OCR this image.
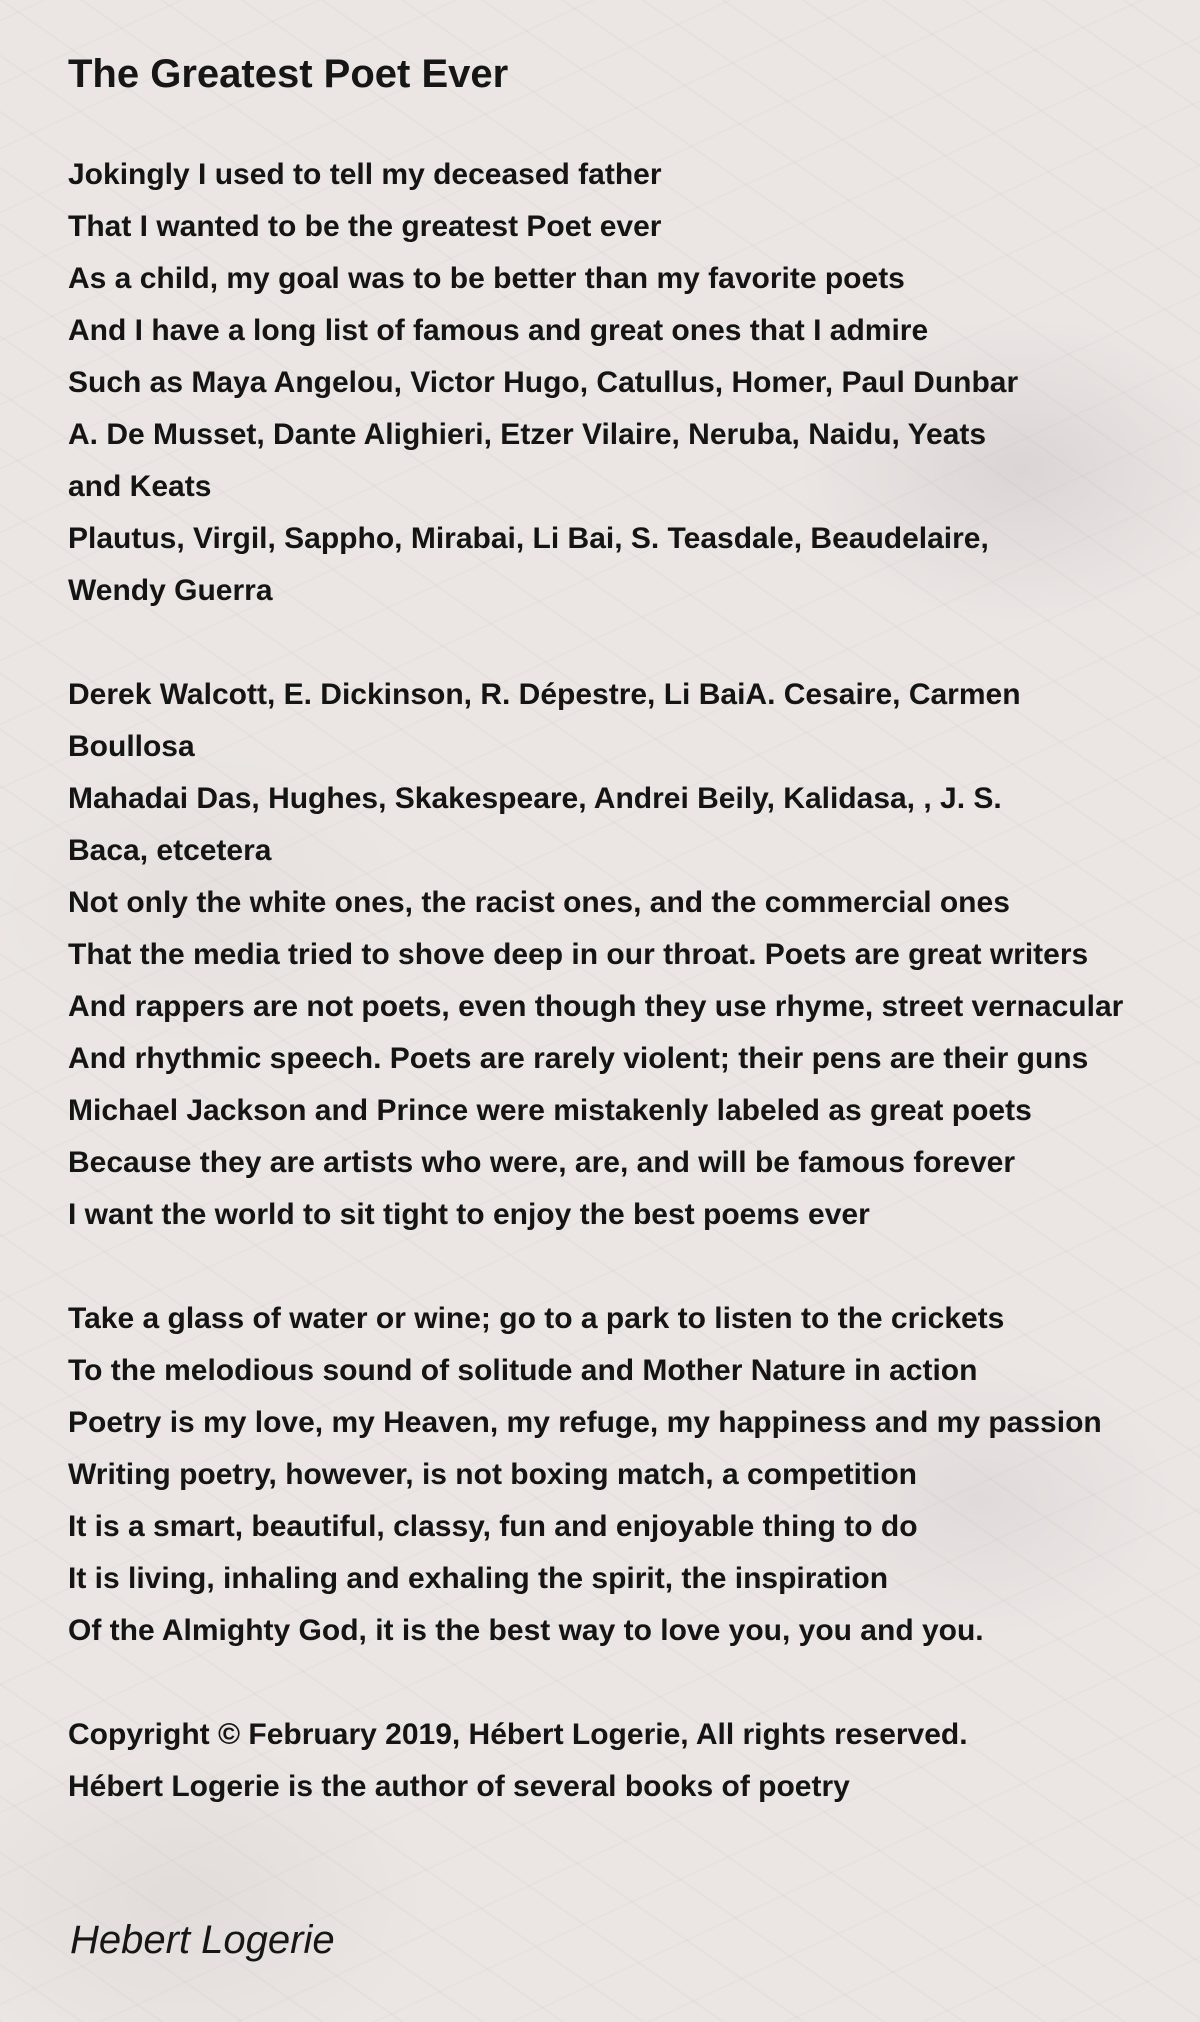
The Greatest Poet Ever
Jokingly I used to tell my deceased father
That I wanted to be the greatest Poet ever
As a child, my goal was to be better than my favorite poets
And I have a long list of famous and great ones that I admire
Such as Maya Angelou, Victor Hugo, Catullus, Homer, Paul Dunbar
A. De Musset, Dante Alighieri, Etzer Vilaire, Neruba, Naidu, Yeats
and Keats
Plautus, Virgil, Sappho, Mirabai, Li Bai, S. Teasdale, Beaudelaire,
Wendy Guerra
Derek Walcott, E. Dickinson, R. Dépestre, Li BaiA. Cesaire, Carmen
Boullosa
Mahadai Das, Hughes, Skakespeare, Andrei Beily, Kalidasa, , J. S.
Baca, etcetera
Not only the white ones, the racist ones, and the commercial ones
That the media tried to shove deep in our throat. Poets are great writers
And rappers are not poets, even though they use rhyme, street vernacular
And rhythmic speech. Poets are rarely violent; their pens are their guns
Michael Jackson and Prince were mistakenly labeled as great poets
Because they are artists who were, are, and will be famous forever
I want the world to sit tight to enjoy the best poems ever
Take a glass of water or wine; go to a park to listen to the crickets
To the melodious sound of solitude and Mother Nature in action
Poetry is my love, my Heaven, my refuge, my happiness and my passion
Writing poetry, however, is not boxing match, a competition
It is a smart, beautiful, classy, fun and enjoyable thing to do
It is living, inhaling and exhaling the spirit, the inspiration
Of the Almighty God, it is the best way to love you, you and you.
Copyright © February 2019, Hébert Logerie, All rights reserved.
Hébert Logerie is the author of several books of poetry
Hebert Logerie
